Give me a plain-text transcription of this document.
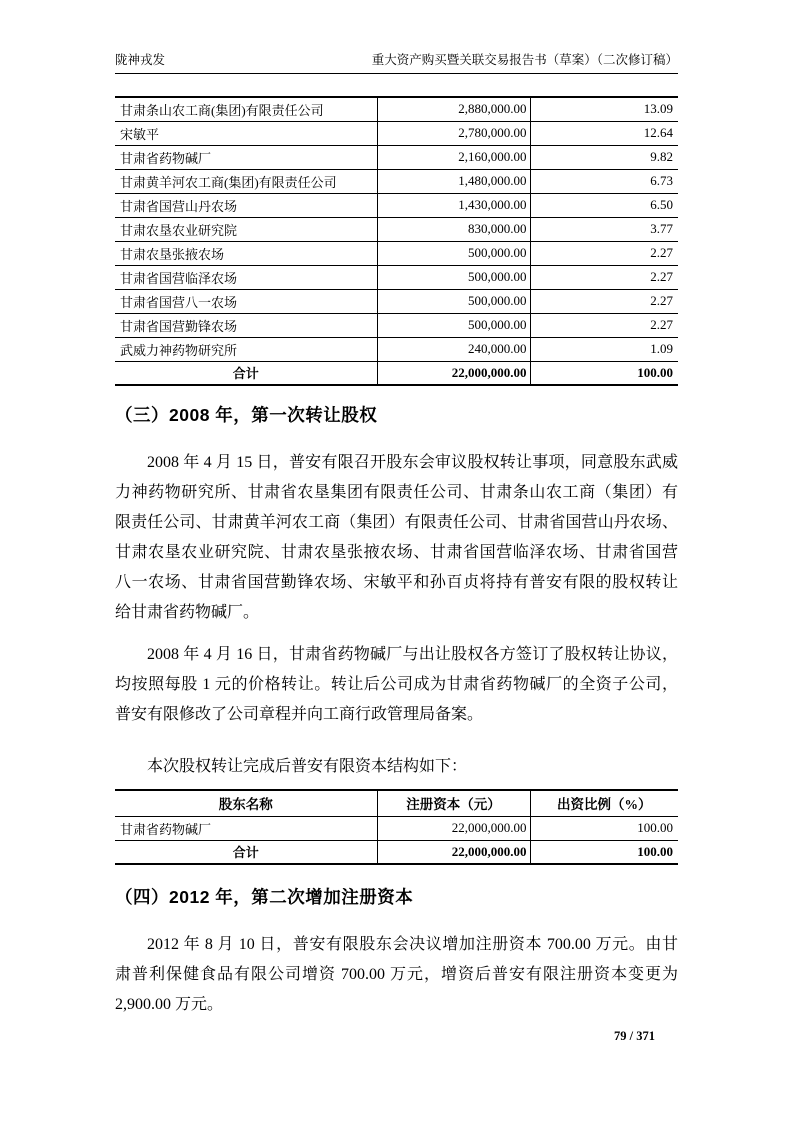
陇神戎发	重大资产购买暨关联交易报告书（草案）（二次修订稿）
甘肃条山农工商(集团)有限责任公司	2,880,000.00	13.09
宋敏平	2,780,000.00	12.64
甘肃省药物碱厂	2,160,000.00	9.82
甘肃黄羊河农工商(集团)有限责任公司	1,480,000.00	6.73
甘肃省国营山丹农场	1,430,000.00	6.50
甘肃农垦农业研究院	830,000.00	3.77
甘肃农垦张掖农场	500,000.00	2.27
甘肃省国营临泽农场	500,000.00	2.27
甘肃省国营八一农场	500,000.00	2.27
甘肃省国营勤锋农场	500,000.00	2.27
武威力神药物研究所	240,000.00	1.09
合计	22,000,000.00	100.00
（三）2008 年，第一次转让股权
2008 年 4 月 15 日，普安有限召开股东会审议股权转让事项，同意股东武威
力神药物研究所、甘肃省农垦集团有限责任公司、甘肃条山农工商（集团）有
限责任公司、甘肃黄羊河农工商（集团）有限责任公司、甘肃省国营山丹农场、
甘肃农垦农业研究院、甘肃农垦张掖农场、甘肃省国营临泽农场、甘肃省国营
八一农场、甘肃省国营勤锋农场、宋敏平和孙百贞将持有普安有限的股权转让
给甘肃省药物碱厂。
2008 年 4 月 16 日，甘肃省药物碱厂与出让股权各方签订了股权转让协议，
均按照每股 1 元的价格转让。转让后公司成为甘肃省药物碱厂的全资子公司，
普安有限修改了公司章程并向工商行政管理局备案。
本次股权转让完成后普安有限资本结构如下：
股东名称	注册资本（元）	出资比例（%）
甘肃省药物碱厂	22,000,000.00	100.00
合计	22,000,000.00	100.00
（四）2012 年，第二次增加注册资本
2012 年 8 月 10 日，普安有限股东会决议增加注册资本 700.00 万元。由甘
肃普利保健食品有限公司增资 700.00 万元，增资后普安有限注册资本变更为
2,900.00 万元。
79 / 371
